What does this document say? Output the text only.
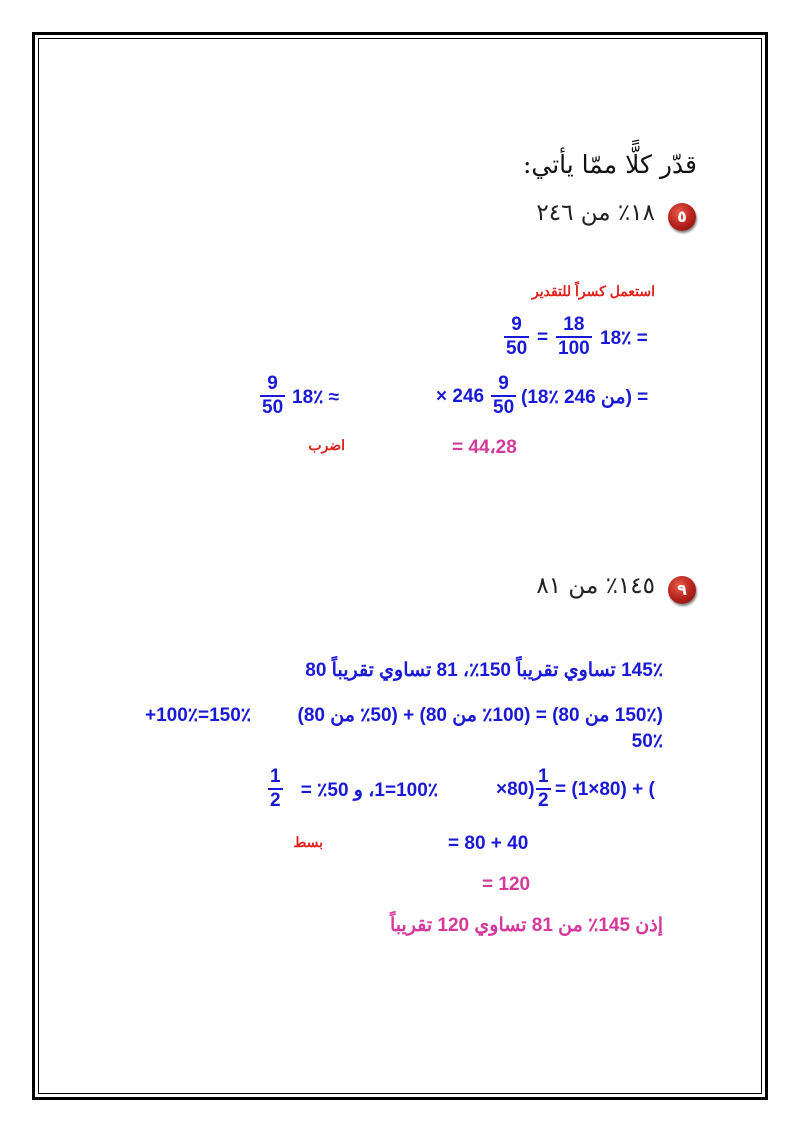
قدّر كلًّا ممّا يأتي:
٥
١٨٪ من ٢٤٦
استعمل كسراً للتقدير
18٪ =
$\frac{18}{100}$
=
$\frac{9}{50}$
(18٪ من 246) =
$\frac{9}{50}$
× 246
18٪ ≈
$\frac{9}{50}$
= 44،28
اضرب
٩
١٤٥٪ من ٨١
145٪ تساوي تقريباً 150٪، 81 تساوي تقريباً 80
(150٪ من 80) = (100٪ من 80) + (50٪ من 80)
50٪
150٪=100٪+
$\times 80) \frac{1}{2} = (1\times 80)$ + (
100٪=1، و 50٪ =
$\frac{1}{2}$
= 80 + 40
بسط
= 120
إذن 145٪ من 81 تساوي 120 تقريباً
